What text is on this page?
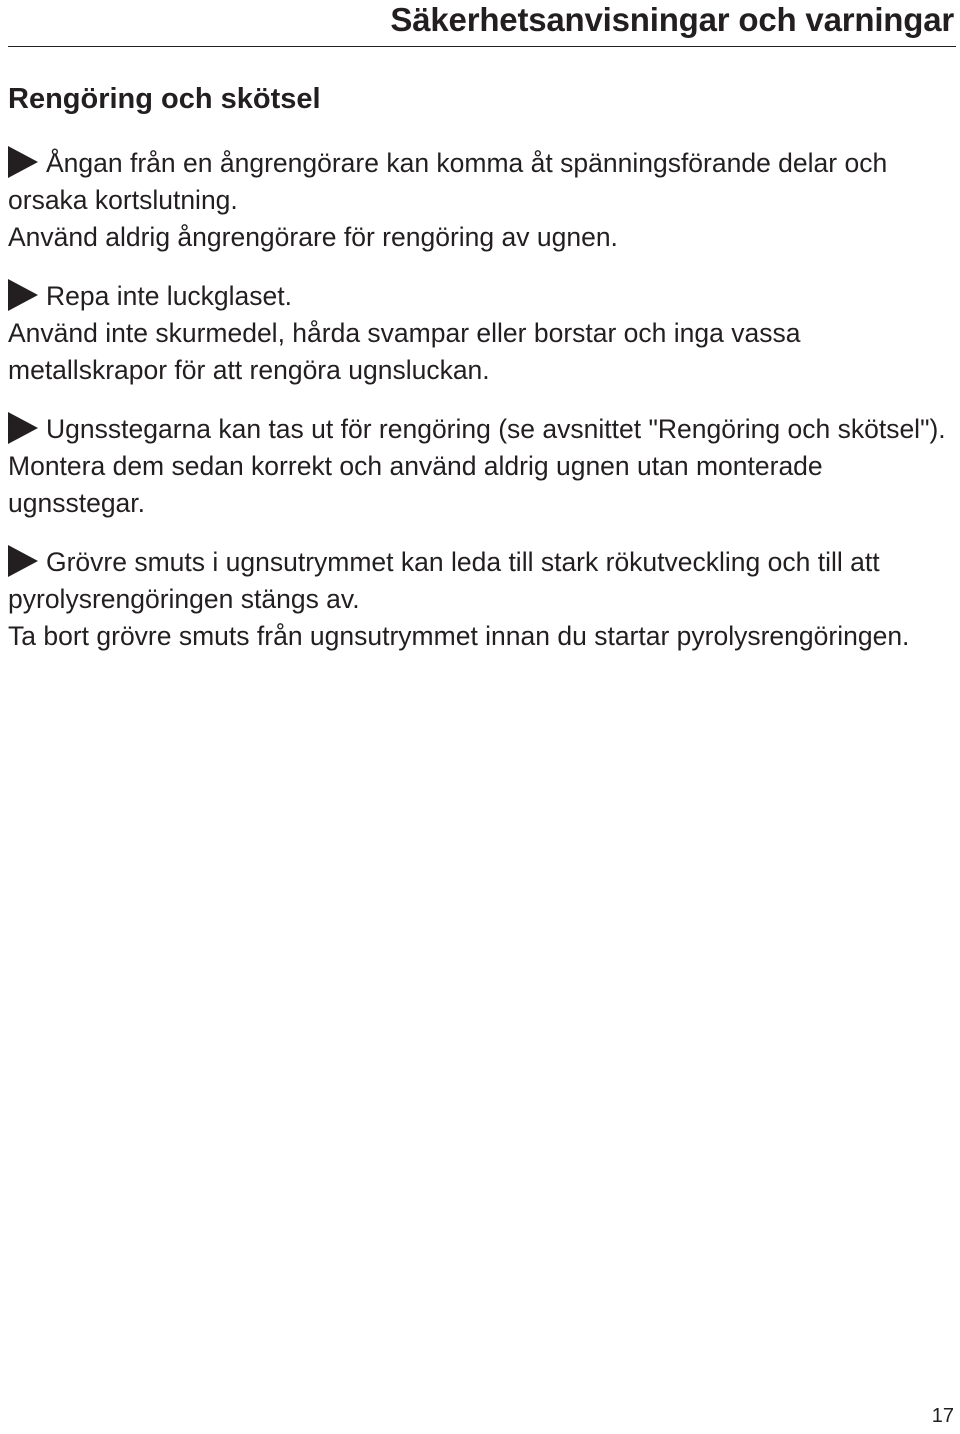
Säkerhetsanvisningar och varningar
Rengöring och skötsel

Ångan från en ångrengörare kan komma åt spänningsförande delar och orsaka kortslutning.

Använd aldrig ångrengörare för rengöring av ugnen.

Repa inte luckglaset.

Använd inte skurmedel, hårda svampar eller borstar och inga vassa metallskrapor för att rengöra ugnsluckan.

Ugnsstegarna kan tas ut för rengöring (se avsnittet "Rengöring och skötsel").

Montera dem sedan korrekt och använd aldrig ugnen utan monterade ugnsstegar.

Grövre smuts i ugnsutrymmet kan leda till stark rökutveckling och till att pyrolysrengöringen stängs av.

Ta bort grövre smuts från ugnsutrymmet innan du startar pyrolysrengöringen.

17
